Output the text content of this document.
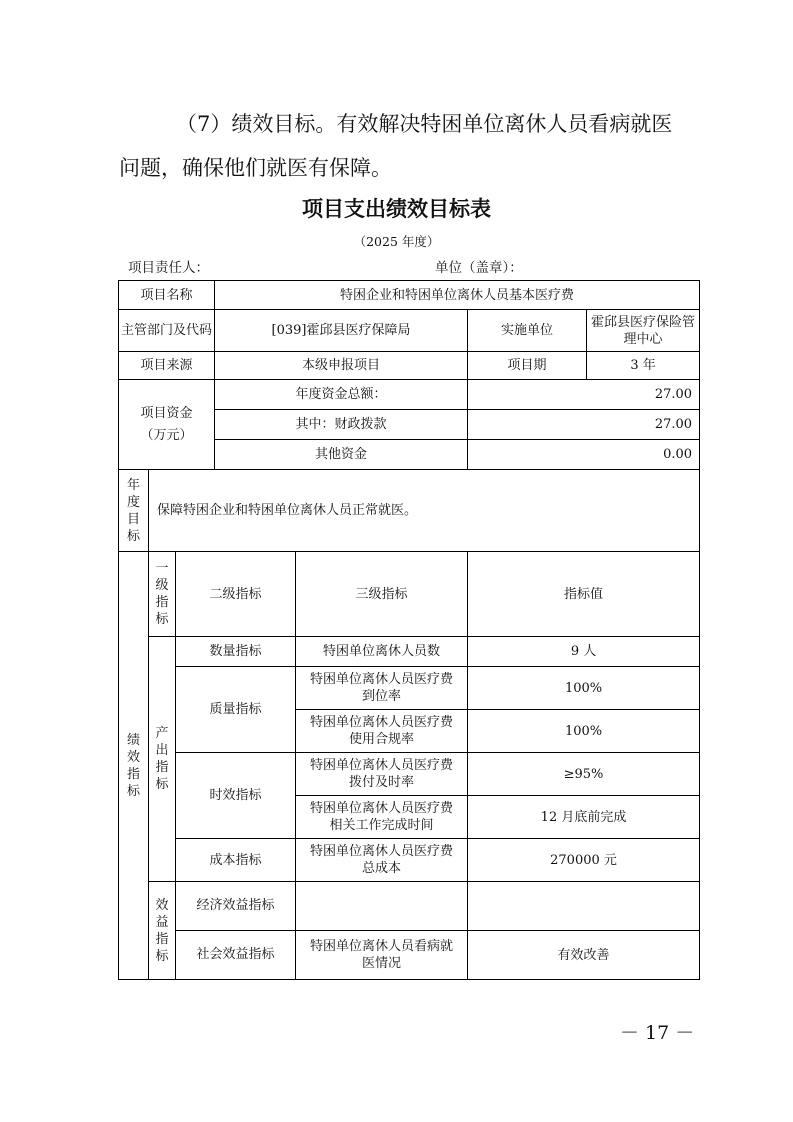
（7）绩效目标。有效解决特困单位离休人员看病就医
问题，确保他们就医有保障。

项目支出绩效目标表
（2025 年度）
项目责任人：	单位（盖章）：
项目名称			特困企业和特困单位离休人员基本医疗费			
主管部门及代码			[039]霍邱县医疗保障局		实施单位	霍邱县医疗保险管理中心
项目来源			本级申报项目		项目期	3 年
项目资金（万元）			年度资金总额：		27.00	
			其中：财政拨款		27.00	
			其他资金		0.00	
年度目标	保障特困企业和特困单位离休人员正常就医。					
绩效指标	一级指标	二级指标		三级指标	指标值	
	产出指标	数量指标		特困单位离休人员数	9 人	
		质量指标		特困单位离休人员医疗费到位率	100%	
				特困单位离休人员医疗费使用合规率	100%	
		时效指标		特困单位离休人员医疗费拨付及时率	≥95%	
				特困单位离休人员医疗费相关工作完成时间	12 月底前完成	
		成本指标		特困单位离休人员医疗费总成本	270000 元	
	效益指标	经济效益指标				
		社会效益指标		特困单位离休人员看病就医情况	有效改善	
－ 17 －
